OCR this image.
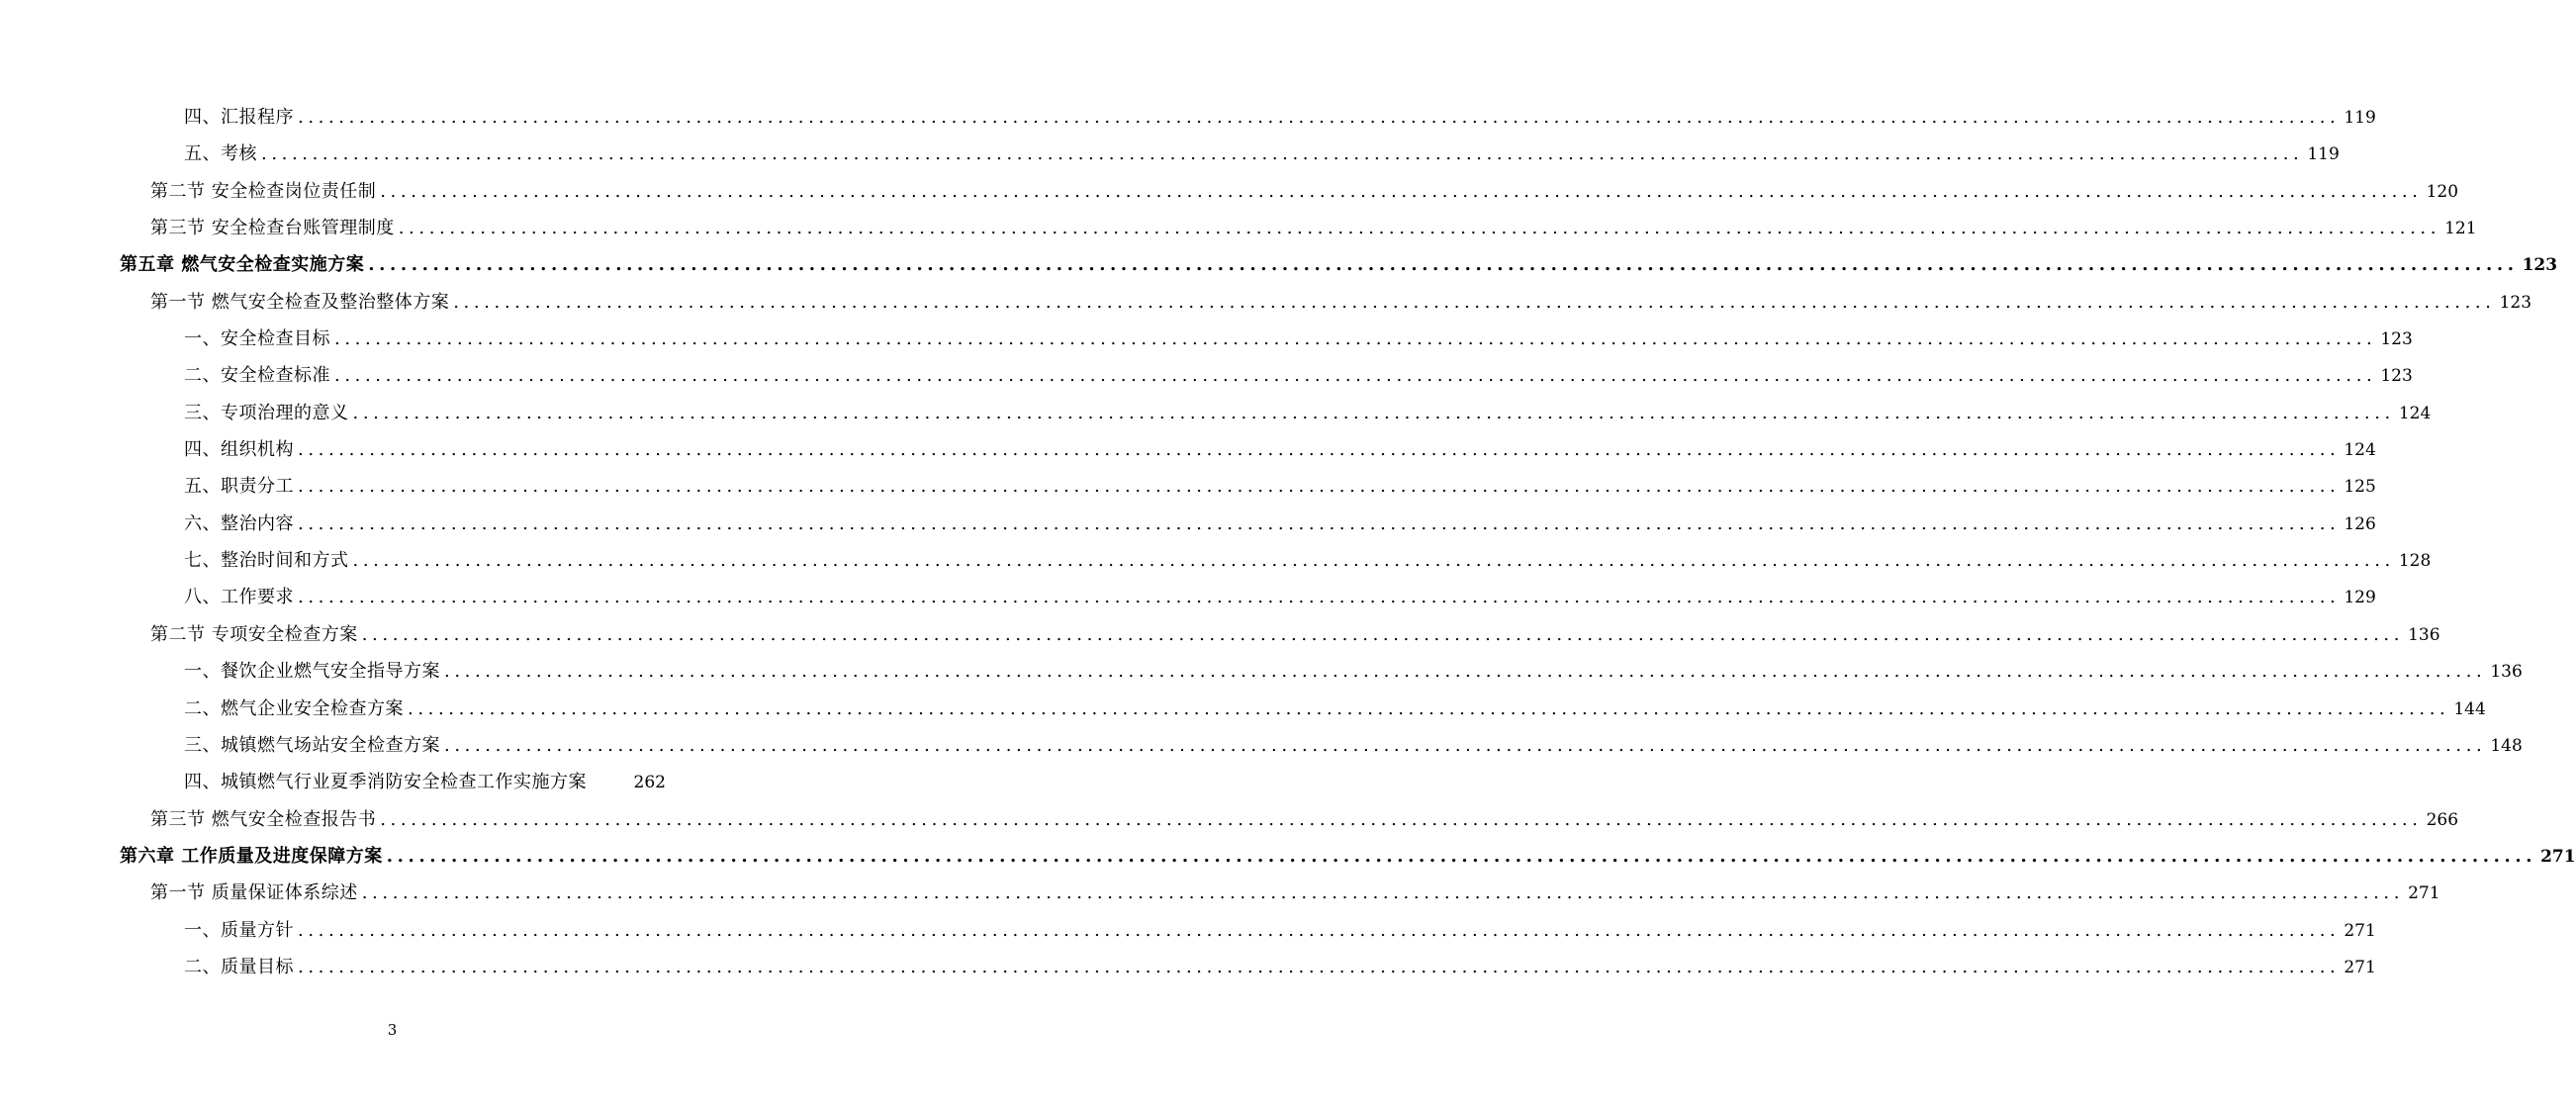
四、汇报程序 ........................................................................................................................................................................................................ 119
五、考核 ........................................................................................................................................................................................................ 119
第二节 安全检查岗位责任制 ........................................................................................................................................................................................................ 120
第三节 安全检查台账管理制度 ........................................................................................................................................................................................................ 121
第五章 燃气安全检查实施方案 ........................................................................................................................................................................................................ 123
第一节 燃气安全检查及整治整体方案 ........................................................................................................................................................................................................ 123
一、安全检查目标 ........................................................................................................................................................................................................ 123
二、安全检查标准 ........................................................................................................................................................................................................ 123
三、专项治理的意义 ........................................................................................................................................................................................................ 124
四、组织机构 ........................................................................................................................................................................................................ 124
五、职责分工 ........................................................................................................................................................................................................ 125
六、整治内容 ........................................................................................................................................................................................................ 126
七、整治时间和方式 ........................................................................................................................................................................................................ 128
八、工作要求 ........................................................................................................................................................................................................ 129
第二节 专项安全检查方案 ........................................................................................................................................................................................................ 136
一、餐饮企业燃气安全指导方案 ........................................................................................................................................................................................................ 136
二、燃气企业安全检查方案 ........................................................................................................................................................................................................ 144
三、城镇燃气场站安全检查方案 ........................................................................................................................................................................................................ 148
四、城镇燃气行业夏季消防安全检查工作实施方案	262
第三节 燃气安全检查报告书 ........................................................................................................................................................................................................ 266
第六章 工作质量及进度保障方案 ........................................................................................................................................................................................................ 271
第一节 质量保证体系综述 ........................................................................................................................................................................................................ 271
一、质量方针 ........................................................................................................................................................................................................ 271
二、质量目标 ........................................................................................................................................................................................................ 271
3
